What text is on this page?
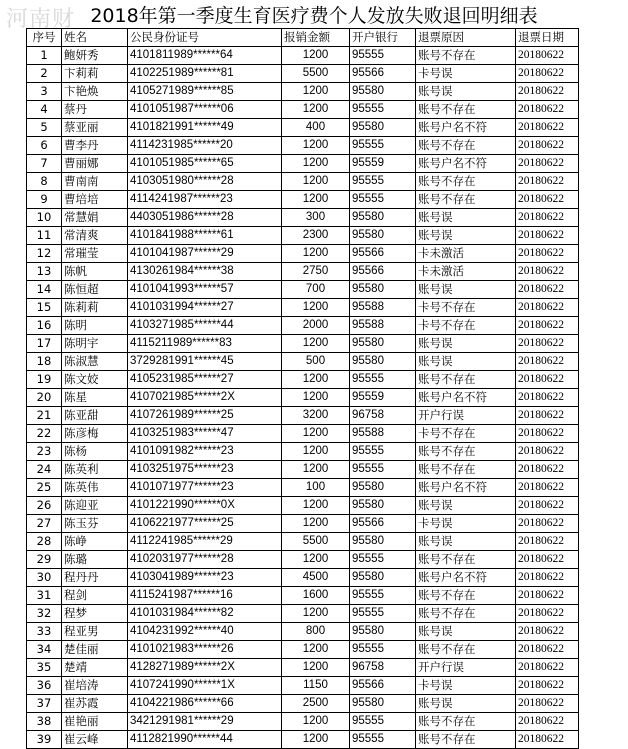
河南财 2018年第一季度生育医疗费个人发放失败退回明细表
序号	姓名	公民身份证号	报销金额	开户银行	退票原因	退票日期
1	鲍妍秀	4101811989******64	1200	95555	账号不存在	20180622
2	卞莉莉	4102251989******81	5500	95566	卡号误	20180622
3	卞艳焕	4105271989******85	1200	95580	账号误	20180622
4	蔡丹	4101051987******06	1200	95555	账号不存在	20180622
5	蔡亚丽	4101821991******49	400	95580	账号户名不符	20180622
6	曹李丹	4114231985******20	1200	95555	账号不存在	20180622
7	曹丽娜	4101051985******65	1200	95559	账号户名不符	20180622
8	曹南南	4103051980******28	1200	95555	账号不存在	20180622
9	曹培培	4114241987******23	1200	95555	账号不存在	20180622
10	常慧娟	4403051986******28	300	95580	账号误	20180622
11	常清爽	4101841988******61	2300	95580	账号误	20180622
12	常璀莹	4101041987******29	1200	95566	卡未激活	20180622
13	陈帆	4130261984******38	2750	95566	卡未激活	20180622
14	陈恒超	4101041993******57	700	95580	账号误	20180622
15	陈莉莉	4101031994******27	1200	95588	卡号不存在	20180622
16	陈明	4103271985******44	2000	95588	卡号不存在	20180622
17	陈明宇	4115211989******83	1200	95580	账号误	20180622
18	陈淑慧	3729281991******45	500	95580	账号误	20180622
19	陈文姣	4105231985******27	1200	95555	账号不存在	20180622
20	陈星	4107021985******2X	1200	95559	账号户名不符	20180622
21	陈亚甜	4107261989******25	3200	96758	开户行误	20180622
22	陈彦梅	4103251983******47	1200	95588	卡号不存在	20180622
23	陈杨	4101091982******23	1200	95555	账号不存在	20180622
24	陈英利	4103251975******23	1200	95555	账号不存在	20180622
25	陈英伟	4101071977******23	100	95580	账号户名不符	20180622
26	陈迎亚	4101221990******0X	1200	95580	账号误	20180622
27	陈玉芬	4106221977******25	1200	95566	卡号误	20180622
28	陈峥	4112241985******29	5500	95580	账号误	20180622
29	陈璐	4102031977******28	1200	95555	账号不存在	20180622
30	程丹丹	4103041989******23	4500	95580	账号户名不符	20180622
31	程剑	4115241987******16	1600	95555	账号不存在	20180622
32	程梦	4101031984******82	1200	95555	账号不存在	20180622
33	程亚男	4104231992******40	800	95580	账号误	20180622
34	楚佳丽	4101021983******26	1200	95555	账号不存在	20180622
35	楚靖	4128271989******2X	1200	96758	开户行误	20180622
36	崔培涛	4107241990******1X	1150	95566	卡号误	20180622
37	崔苏霞	4104221986******66	2500	95580	账号误	20180622
38	崔艳丽	3421291981******29	1200	95555	账号不存在	20180622
39	崔云峰	4112821990******44	1200	95555	账号不存在	20180622
